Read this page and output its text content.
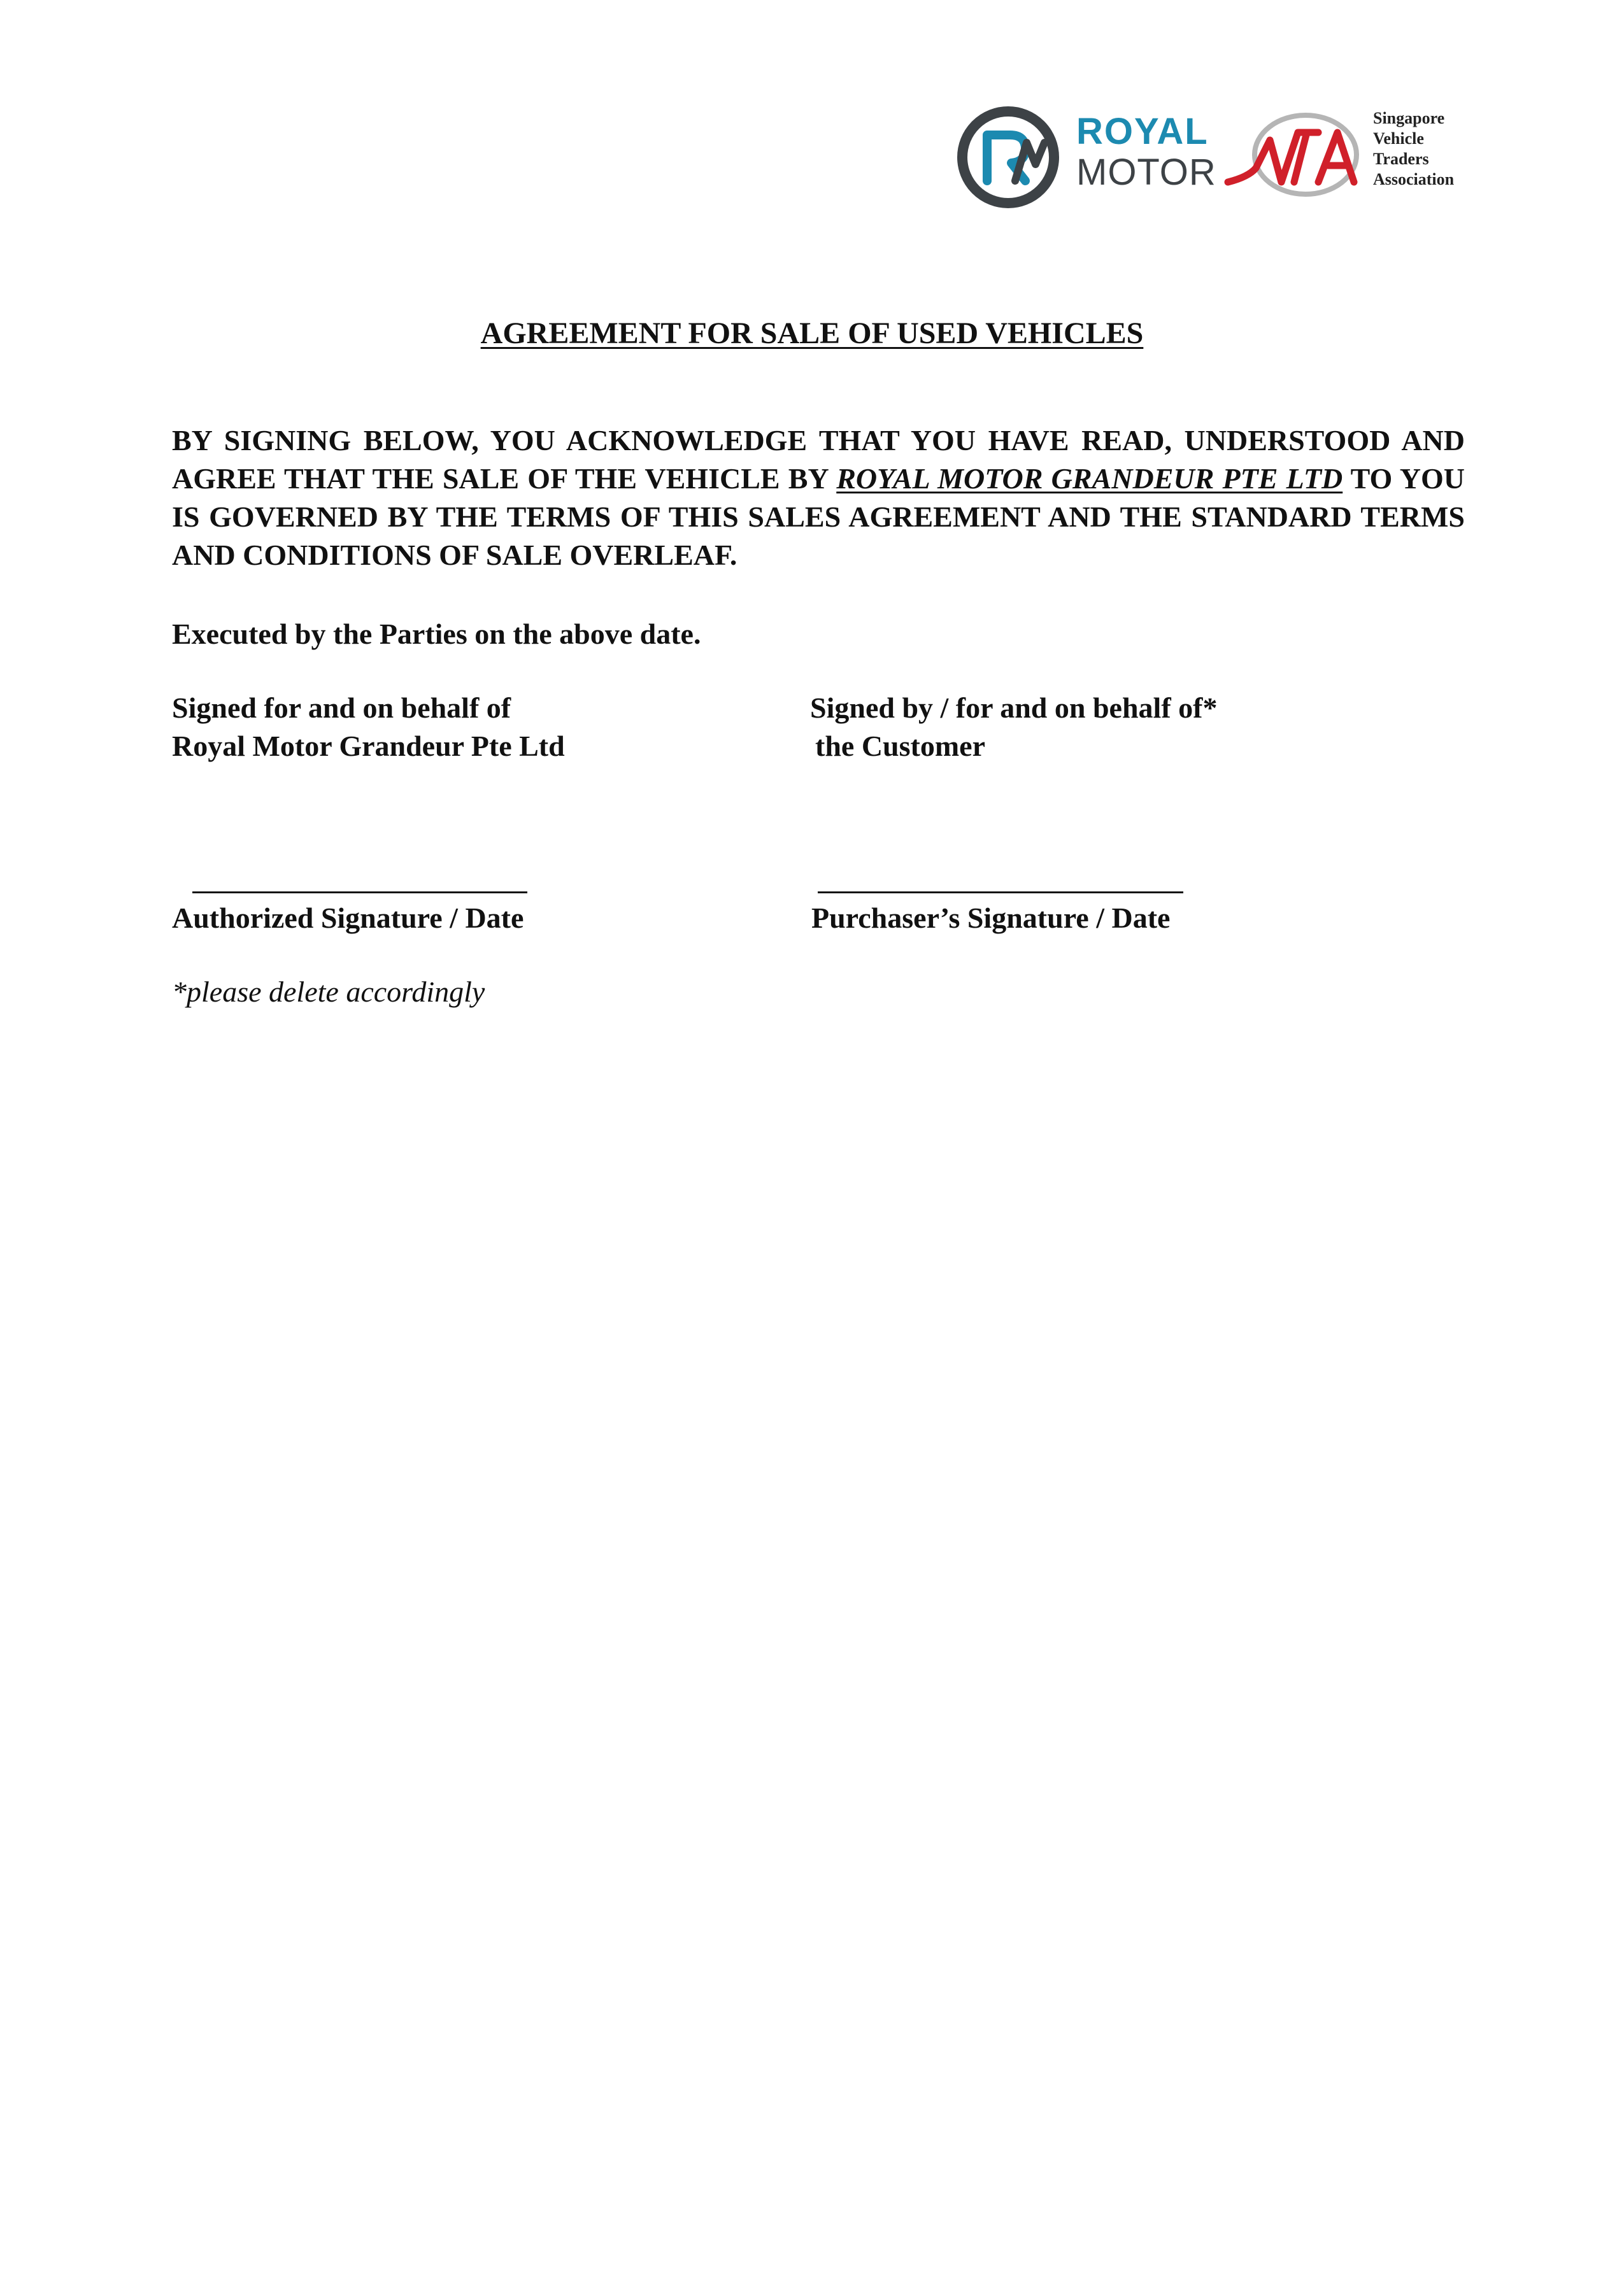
ROYAL
MOTOR
Singapore
Vehicle
Traders
Association
AGREEMENT FOR SALE OF USED VEHICLES
BY SIGNING BELOW, YOU ACKNOWLEDGE THAT YOU HAVE READ, UNDERSTOOD AND AGREE THAT THE SALE OF THE VEHICLE BY ROYAL MOTOR GRANDEUR PTE LTD TO YOU IS GOVERNED BY THE TERMS OF THIS SALES AGREEMENT AND THE STANDARD TERMS AND CONDITIONS OF SALE OVERLEAF.
Executed by the Parties on the above date.
Signed for and on behalf of
Royal Motor Grandeur Pte Ltd
Signed by / for and on behalf of*
the Customer
Authorized Signature / Date	Purchaser’s Signature / Date
*please delete accordingly
